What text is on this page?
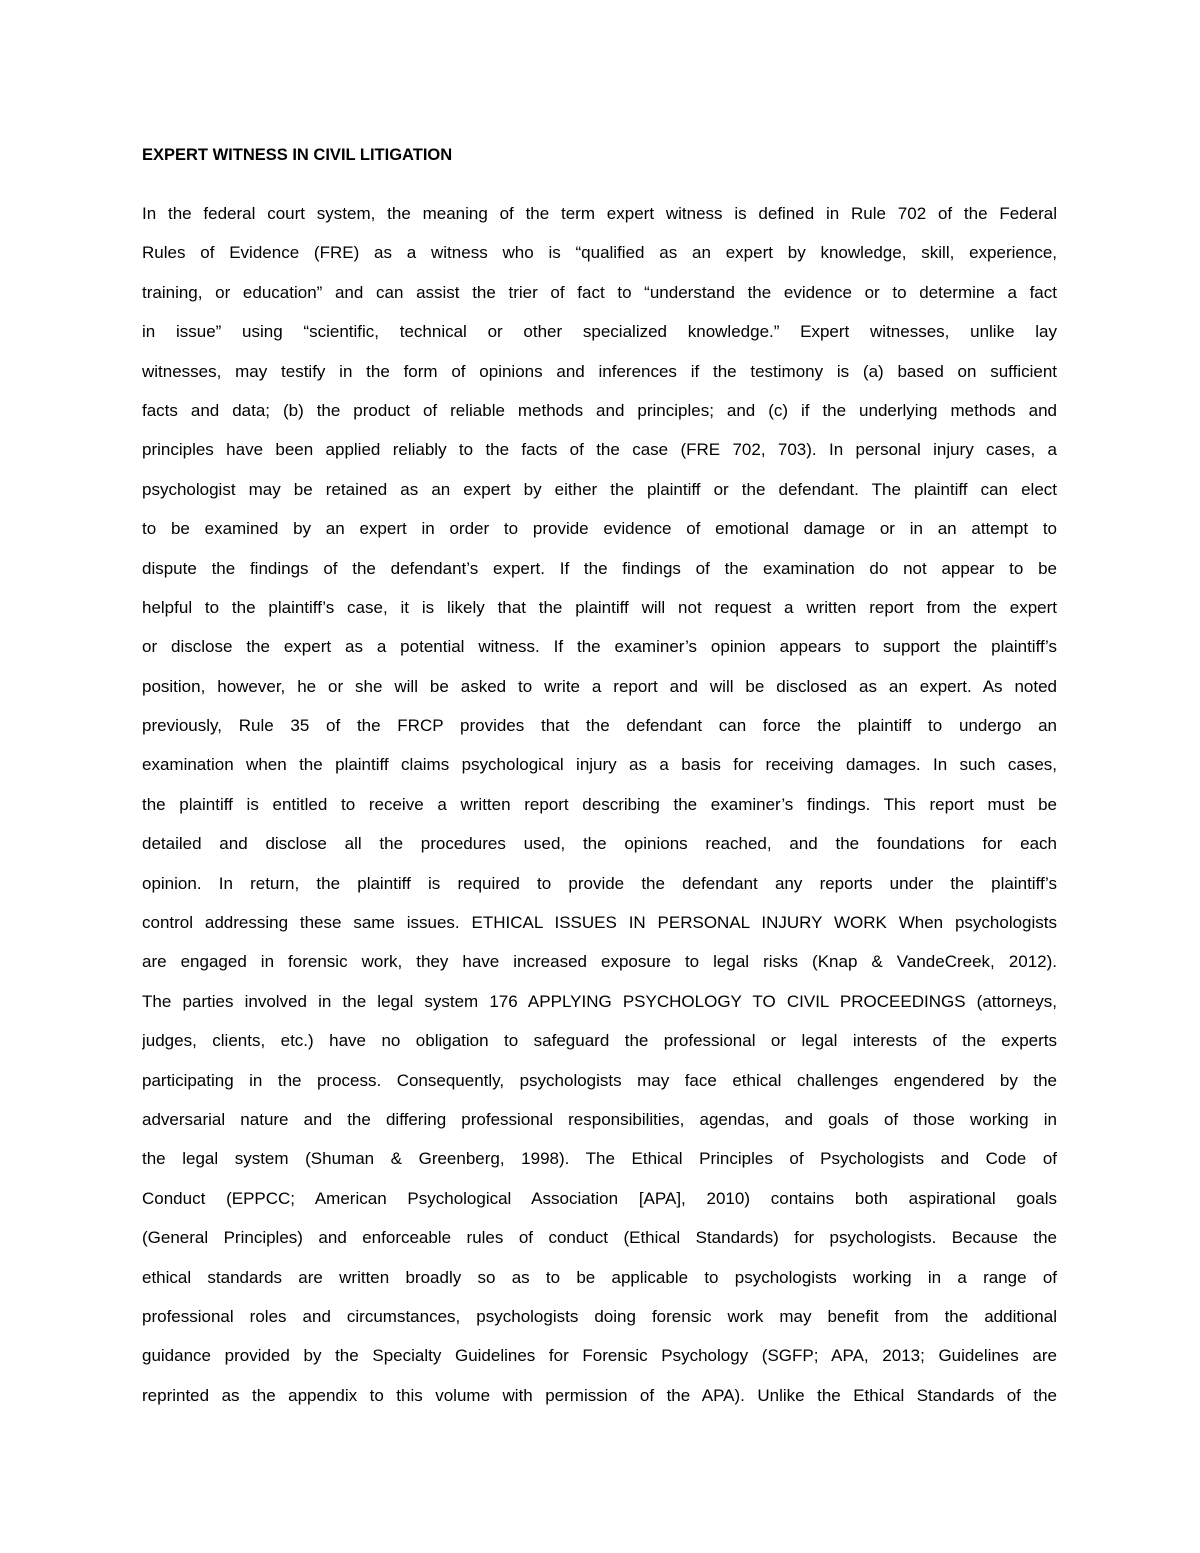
EXPERT WITNESS IN CIVIL LITIGATION
In the federal court system, the meaning of the term expert witness is defined in Rule 702 of the Federal
Rules of Evidence (FRE) as a witness who is “qualified as an expert by knowledge, skill, experience,
training, or education” and can assist the trier of fact to “understand the evidence or to determine a fact
in issue” using “scientific, technical or other specialized knowledge.” Expert witnesses, unlike lay
witnesses, may testify in the form of opinions and inferences if the testimony is (a) based on sufficient
facts and data; (b) the product of reliable methods and principles; and (c) if the underlying methods and
principles have been applied reliably to the facts of the case (FRE 702, 703). In personal injury cases, a
psychologist may be retained as an expert by either the plaintiff or the defendant. The plaintiff can elect
to be examined by an expert in order to provide evidence of emotional damage or in an attempt to
dispute the findings of the defendant’s expert. If the findings of the examination do not appear to be
helpful to the plaintiff’s case, it is likely that the plaintiff will not request a written report from the expert
or disclose the expert as a potential witness. If the examiner’s opinion appears to support the plaintiff’s
position, however, he or she will be asked to write a report and will be disclosed as an expert. As noted
previously, Rule 35 of the FRCP provides that the defendant can force the plaintiff to undergo an
examination when the plaintiff claims psychological injury as a basis for receiving damages. In such cases,
the plaintiff is entitled to receive a written report describing the examiner’s findings. This report must be
detailed and disclose all the procedures used, the opinions reached, and the foundations for each
opinion. In return, the plaintiff is required to provide the defendant any reports under the plaintiff’s
control addressing these same issues. ETHICAL ISSUES IN PERSONAL INJURY WORK When psychologists
are engaged in forensic work, they have increased exposure to legal risks (Knap & VandeCreek, 2012).
The parties involved in the legal system 176 APPLYING PSYCHOLOGY TO CIVIL PROCEEDINGS (attorneys,
judges, clients, etc.) have no obligation to safeguard the professional or legal interests of the experts
participating in the process. Consequently, psychologists may face ethical challenges engendered by the
adversarial nature and the differing professional responsibilities, agendas, and goals of those working in
the legal system (Shuman & Greenberg, 1998). The Ethical Principles of Psychologists and Code of
Conduct (EPPCC; American Psychological Association [APA], 2010) contains both aspirational goals
(General Principles) and enforceable rules of conduct (Ethical Standards) for psychologists. Because the
ethical standards are written broadly so as to be applicable to psychologists working in a range of
professional roles and circumstances, psychologists doing forensic work may benefit from the additional
guidance provided by the Specialty Guidelines for Forensic Psychology (SGFP; APA, 2013; Guidelines are
reprinted as the appendix to this volume with permission of the APA). Unlike the Ethical Standards of the
